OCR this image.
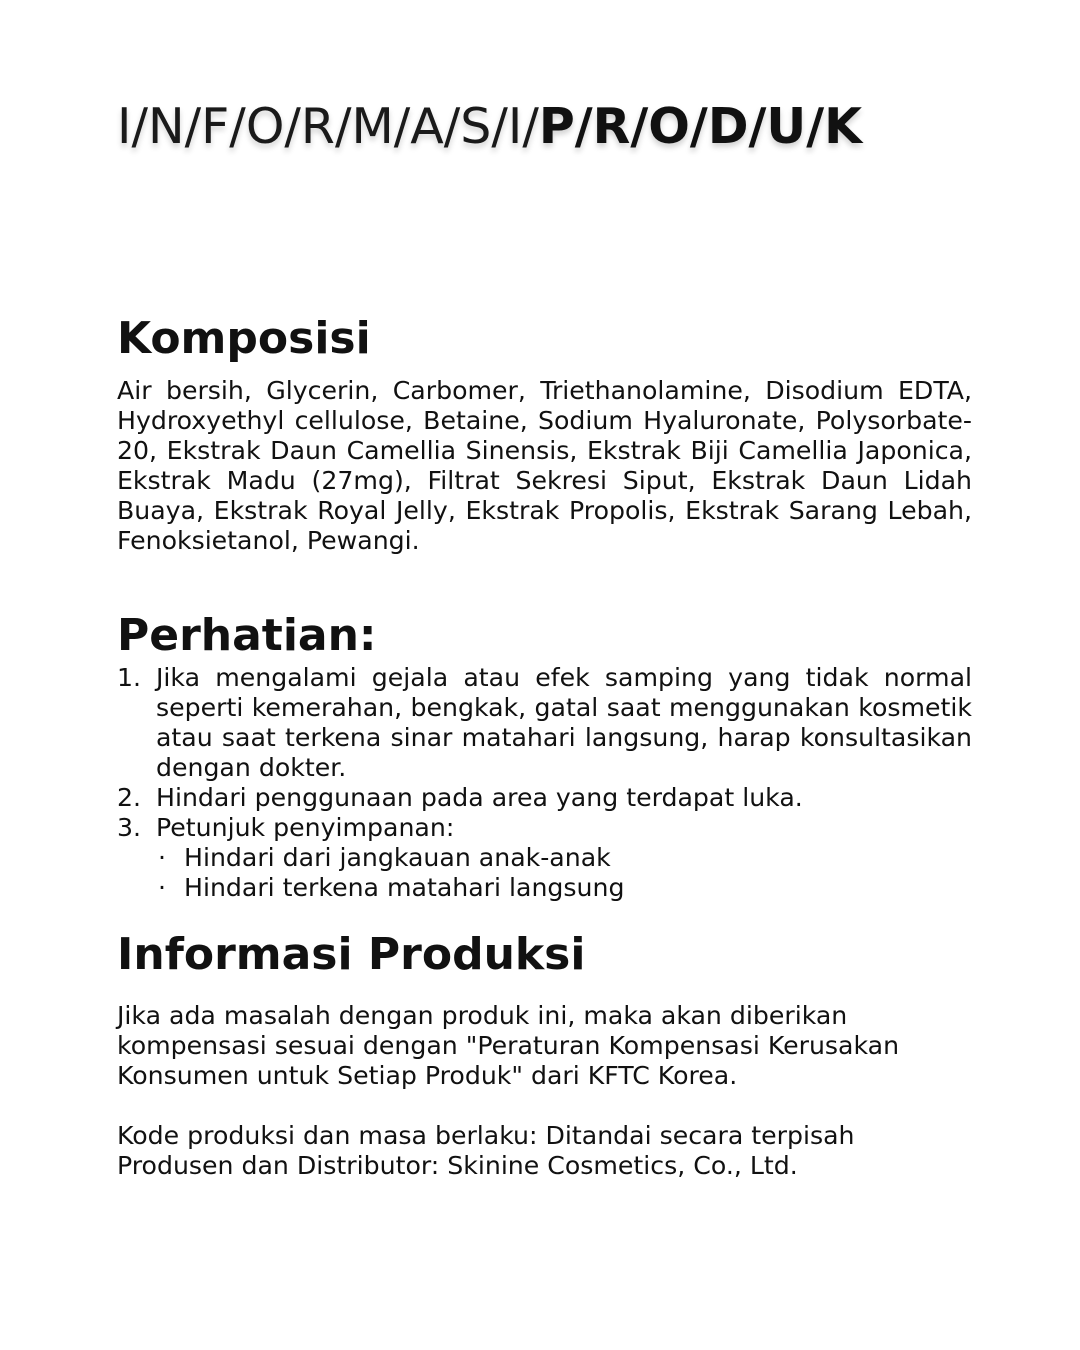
I/N/F/O/R/M/A/S/I/P/R/O/D/U/K
Komposisi
Air bersih, Glycerin, Carbomer, Triethanolamine, Disodium EDTA, Hydroxyethyl cellulose, Betaine, Sodium Hyaluronate, Polysorbate-20, Ekstrak Daun Camellia Sinensis, Ekstrak Biji Camellia Japonica, Ekstrak Madu (27mg), Filtrat Sekresi Siput, Ekstrak Daun Lidah Buaya, Ekstrak Royal Jelly, Ekstrak Propolis, Ekstrak Sarang Lebah, Fenoksietanol, Pewangi.
Perhatian:
1. Jika mengalami gejala atau efek samping yang tidak normal seperti kemerahan, bengkak, gatal saat menggunakan kosmetik atau saat terkena sinar matahari langsung, harap konsultasikan dengan dokter.
2. Hindari penggunaan pada area yang terdapat luka.
3. Petunjuk penyimpanan:
· Hindari dari jangkauan anak-anak
· Hindari terkena matahari langsung
Informasi Produksi
Jika ada masalah dengan produk ini, maka akan diberikan
kompensasi sesuai dengan "Peraturan Kompensasi Kerusakan
Konsumen untuk Setiap Produk" dari KFTC Korea.
Kode produksi dan masa berlaku: Ditandai secara terpisah
Produsen dan Distributor: Skinine Cosmetics, Co., Ltd.
